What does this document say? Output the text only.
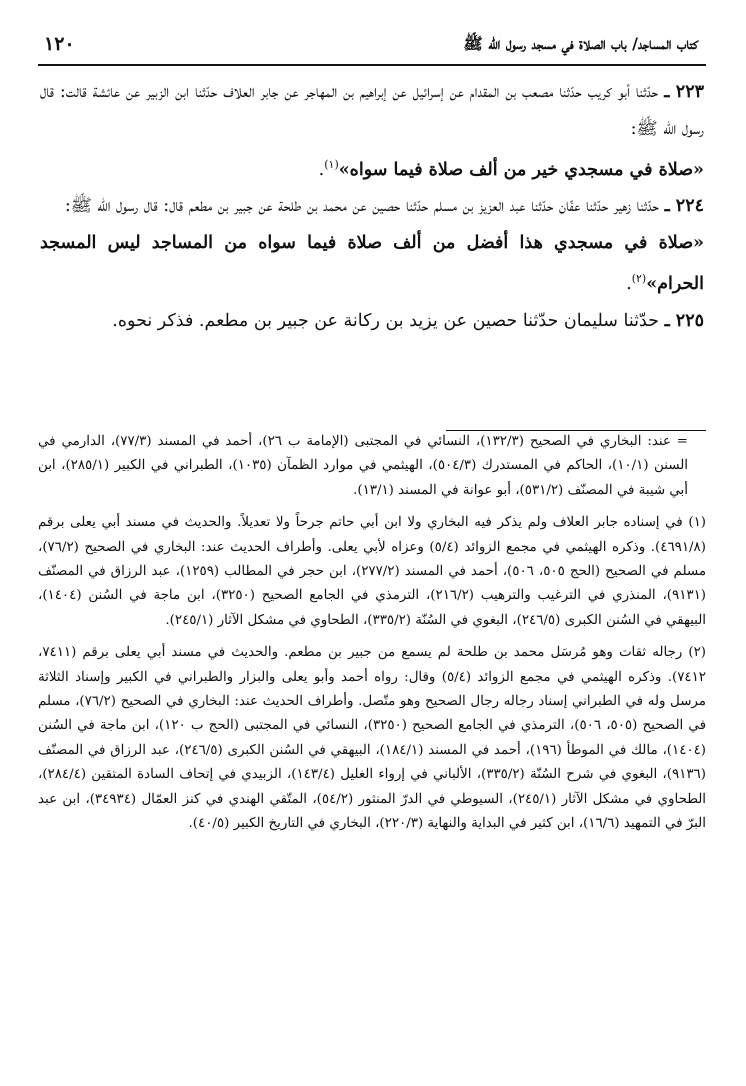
كتاب المساجد/ باب الصلاة في مسجد رسول الله ﷺ
١٢٠

٢٢٣ ـ حدّثنا أبو كريب حدّثنا مصعب بن المقدام عن إسرائيل عن إبراهيم بن المهاجر عن جابر العلاف حدّثنا ابن الزبير عن عائشة قالت: قال رسول الله ﷺ:

«صلاة في مسجدي خير من ألف صلاة فيما سواه»$^{(١)}$.

٢٢٤ ـ حدّثنا زهير حدّثنا عفّان حدّثنا عبد العزيز بن مسلم حدّثنا حصين عن محمد بن طلحة عن جبير بن مطعم قال: قال رسول الله ﷺ:

«صلاة في مسجدي هذا أفضل من ألف صلاة فيما سواه من المساجد ليس المسجد الحرام»$^{(٢)}$.

٢٢٥ ـ حدّثنا سليمان حدّثنا حصين عن يزيد بن ركانة عن جبير بن مطعم. فذكر نحوه.

= عند: البخاري في الصحيح (١٣٢/٣)، النسائي في المجتبى (الإمامة ب ٢٦)، أحمد في المسند (٧٧/٣)، الدارمي في السنن (١٠/١)، الحاكم في المستدرك (٥٠٤/٣)، الهيثمي في موارد الظمآن (١٠٣٥)، الطبراني في الكبير (٢٨٥/١)، ابن أبي شيبة في المصنّف (٥٣١/٢)، أبو عوانة في المسند (١٣/١).

(١) في إسناده جابر العلاف ولم يذكر فيه البخاري ولا ابن أبي حاتم جرحاً ولا تعديلاً. والحديث في مسند أبي يعلى برقم (٤٦٩١/٨). وذكره الهيثمي في مجمع الزوائد (٥/٤) وعزاه لأبي يعلى. وأطراف الحديث عند: البخاري في الصحيح (٧٦/٢)، مسلم في الصحيح (الحج ٥٠٥، ٥٠٦)، أحمد في المسند (٢٧٧/٢)، ابن حجر في المطالب (١٢٥٩)، عبد الرزاق في المصنّف (٩١٣١)، المنذري في الترغيب والترهيب (٢١٦/٢)، الترمذي في الجامع الصحيح (٣٢٥٠)، ابن ماجة في السُنن (١٤٠٤)، البيهقي في السُنن الكبرى (٢٤٦/٥)، البغوي في السُنّة (٣٣٥/٢)، الطحاوي في مشكل الآثار (٢٤٥/١).

(٢) رجاله ثقات وهو مُرسَل محمد بن طلحة لم يسمع من جبير بن مطعم. والحديث في مسند أبي يعلى برقم (٧٤١١، ٧٤١٢). وذكره الهيثمي في مجمع الزوائد (٥/٤) وقال: رواه أحمد وأبو يعلى والبزار والطبراني في الكبير وإسناد الثلاثة مرسل وله في الطبراني إسناد رجاله رجال الصحيح وهو متّصل. وأطراف الحديث عند: البخاري في الصحيح (٧٦/٢)، مسلم في الصحيح (٥٠٥، ٥٠٦)، الترمذي في الجامع الصحيح (٣٢٥٠)، النسائي في المجتبى (الحج ب ١٢٠)، ابن ماجة في السُنن (١٤٠٤)، مالك في الموطأ (١٩٦)، أحمد في المسند (١٨٤/١)، البيهقي في السُنن الكبرى (٢٤٦/٥)، عبد الرزاق في المصنّف (٩١٣٦)، البغوي في شرح السُنّة (٣٣٥/٢)، الألباني في إرواء الغليل (١٤٣/٤)، الزبيدي في إتحاف السادة المتقين (٢٨٤/٤)، الطحاوي في مشكل الآثار (٢٤٥/١)، السيوطي في الدرّ المنثور (٥٤/٢)، المتّقي الهندي في كنز العمّال (٣٤٩٣٤)، ابن عبد البرّ في التمهيد (١٦/٦)، ابن كثير في البداية والنهاية (٢٢٠/٣)، البخاري في التاريخ الكبير (٤٠/٥).
